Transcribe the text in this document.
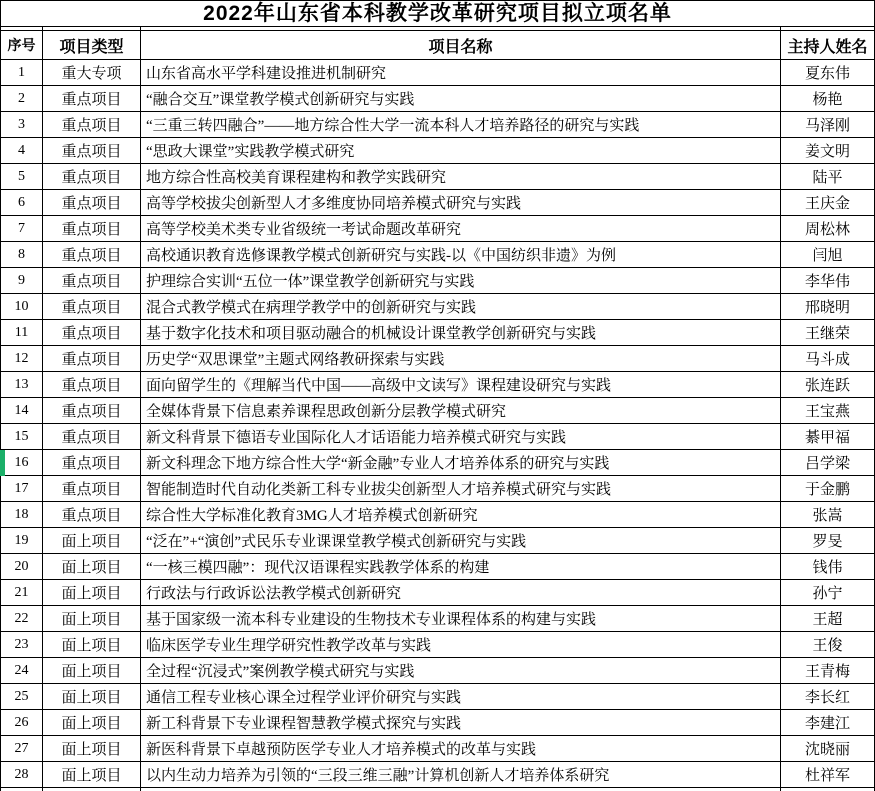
2022年山东省本科教学改革研究项目拟立项名单
序号	项目类型	项目名称	主持人姓名
1	重大专项	山东省高水平学科建设推进机制研究	夏东伟
2	重点项目	“融合交互”课堂教学模式创新研究与实践	杨艳
3	重点项目	“三重三转四融合”——地方综合性大学一流本科人才培养路径的研究与实践	马泽刚
4	重点项目	“思政大课堂”实践教学模式研究	姜文明
5	重点项目	地方综合性高校美育课程建构和教学实践研究	陆平
6	重点项目	高等学校拔尖创新型人才多维度协同培养模式研究与实践	王庆金
7	重点项目	高等学校美术类专业省级统一考试命题改革研究	周松林
8	重点项目	高校通识教育选修课教学模式创新研究与实践-以《中国纺织非遗》为例	闫旭
9	重点项目	护理综合实训“五位一体”课堂教学创新研究与实践	李华伟
10	重点项目	混合式教学模式在病理学教学中的创新研究与实践	邢晓明
11	重点项目	基于数字化技术和项目驱动融合的机械设计课堂教学创新研究与实践	王继荣
12	重点项目	历史学“双思课堂”主题式网络教研探索与实践	马斗成
13	重点项目	面向留学生的《理解当代中国——高级中文读写》课程建设研究与实践	张连跃
14	重点项目	全媒体背景下信息素养课程思政创新分层教学模式研究	王宝燕
15	重点项目	新文科背景下德语专业国际化人才话语能力培养模式研究与实践	綦甲福
16	重点项目	新文科理念下地方综合性大学“新金融”专业人才培养体系的研究与实践	吕学梁
17	重点项目	智能制造时代自动化类新工科专业拔尖创新型人才培养模式研究与实践	于金鹏
18	重点项目	综合性大学标准化教育3MG人才培养模式创新研究	张嵩
19	面上项目	“泛在”+“演创”式民乐专业课课堂教学模式创新研究与实践	罗旻
20	面上项目	“一核三模四融”：现代汉语课程实践教学体系的构建	钱伟
21	面上项目	行政法与行政诉讼法教学模式创新研究	孙宁
22	面上项目	基于国家级一流本科专业建设的生物技术专业课程体系的构建与实践	王超
23	面上项目	临床医学专业生理学研究性教学改革与实践	王俊
24	面上项目	全过程“沉浸式”案例教学模式研究与实践	王青梅
25	面上项目	通信工程专业核心课全过程学业评价研究与实践	李长红
26	面上项目	新工科背景下专业课程智慧教学模式探究与实践	李建江
27	面上项目	新医科背景下卓越预防医学专业人才培养模式的改革与实践	沈晓丽
28	面上项目	以内生动力培养为引领的“三段三维三融”计算机创新人才培养体系研究	杜祥军
